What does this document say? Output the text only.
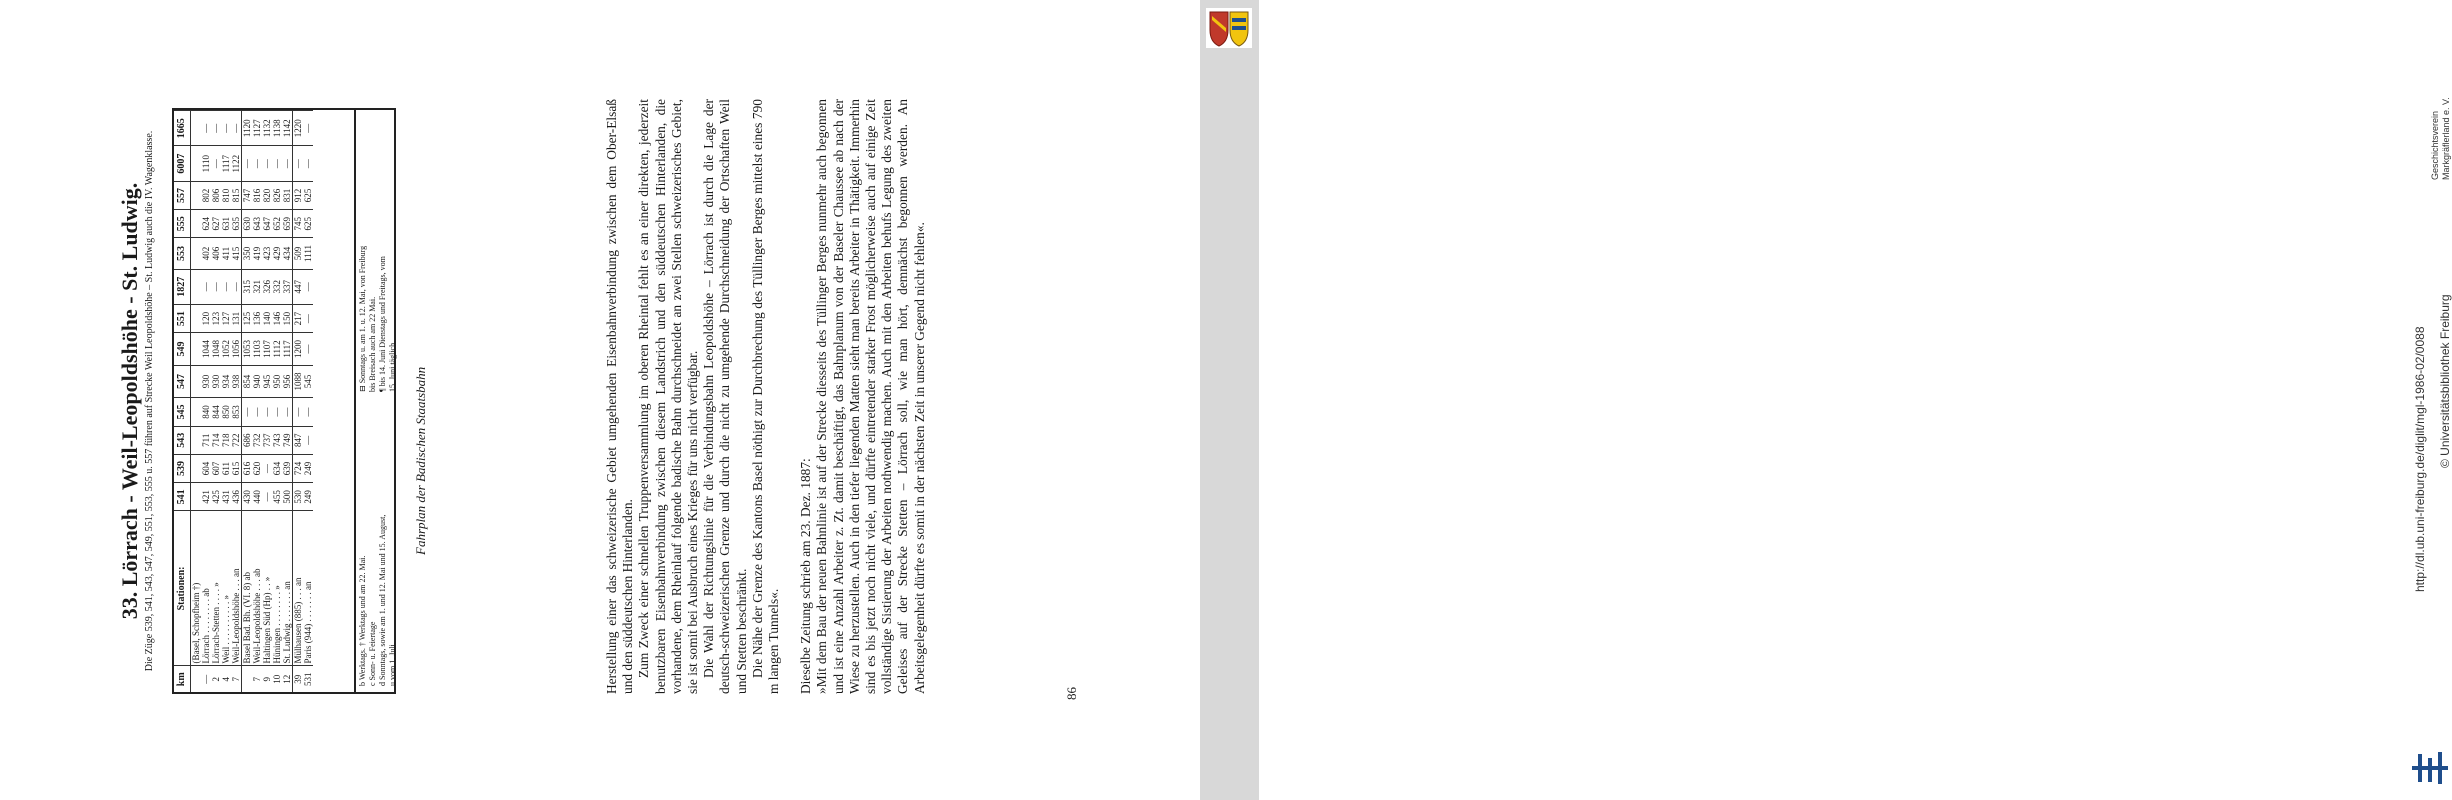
33. Lörrach - Weil-Leopoldshöhe - St. Ludwig. Die Züge 539, 541, 543, 547, 549, 551, 553, 555 u. 557 führen auf Strecke Weil Leopoldshöhe – St. Ludwig auch die IV. Wagenklasse.
km	Stationen:	541	539	543	545	547	549	551	1827	553	555	557	6007	1665
	(Basel, Schopfheim †)													
—	Lörrach . . . . . . . . ab	421	604	711	840	930	1044	120	—	402	624	802	1110	—
2	Lörrach-Stetten . . . . »	425	607	714	844	930	1048	123	—	406	627	806	—	—
4	Weil . . . . . . . . . . »	431	611	718	850	934	1052	127	—	411	631	810	1117	—
7	Weil-Leopoldshöhe . . . an	436	615	722	853	938	1056	131	—	415	635	815	1122	—
	Basel Bad. Bh. (VI. 8) ab	430	616	686	—	854	1053	125	315	350	630	747	—	1120
7	Weil-Leopoldshöhe . . . ab	440	620	732	—	940	1103	136	321	419	643	816	—	1127
9	Haltingen Süd (Hp) . . »	—	—	737	—	945	1107	140	326	423	647	820	—	1132
10	Hüningen . . . . . . . . »	455	634	743	—	950	1112	146	332	429	652	826	—	1138
12	St. Ludwig . . . . . . . an	500	639	749	—	956	1117	150	337	434	659	831	—	1142
39	Mülhausen (885) . . . an	530	724	847	—	1088	1200	217	447	509	745	912	—	1220
531	Paris (944) . . . . . . . an	249	249	—	—	545	—	—	—	1111	625	625	—	—
b Werktags. † Werktags und am 22. Mai. c Sonn- u. Feiertage d Sonntags, sowie am 1. und 12. Mai und 15. August, u vom 1. Juli.
⊟ Sonntags u. am 1. u. 12. Mai, von Freiburg bis Breisach auch am 22 Mai. ¶ bis 14. Juni Dienstags und Freitags, vom 15. Juni täglich.
Fahrplan der Badischen Staatsbahn	Herstellung einer das schweizerische Gebiet umgehenden Eisenbahnverbindung zwischen dem Ober-Elsaß und den süddeutschen Hinterlanden. Zum Zweck einer schnellen Truppenversammlung im oberen Rheintal fehlt es an einer direkten, jederzeit benutzbaren Eisenbahnverbindung zwischen diesem Landstrich und den süddeutschen Hinterlanden, die vorhandene, dem Rheinlauf folgende badische Bahn durchschneidet an zwei Stellen schweizerisches Gebiet, sie ist somit bei Ausbruch eines Krieges für uns nicht verfügbar. Die Wahl der Richtungslinie für die Verbindungsbahn Leopoldshöhe – Lörrach ist durch die Lage der deutsch-schweizerischen Grenze und durch die nicht zu umgehende Durchschneidung der Ortschaften Weil und Stetten beschränkt. Die Nähe der Grenze des Kantons Basel nöthigt zur Durchbrechung des Tüllinger Berges mittelst eines 790 m langen Tunnels«. Dieselbe Zeitung schrieb am 23. Dez. 1887: »Mit dem Bau der neuen Bahnlinie ist auf der Strecke diesseits des Tüllinger Berges nunmehr auch begonnen und ist eine Anzahl Arbeiter z. Zt. damit beschäftigt, das Bahnplanum von der Baseler Chaussee ab nach der Wiese zu herzustellen. Auch in den tiefer liegenden Matten sieht man bereits Arbeiter in Thätigkeit. Immerhin sind es bis jetzt noch nicht viele, und dürfte eintretender starker Frost möglicherweise auch auf einige Zeit vollständige Sistierung der Arbeiten nothwendig machen. Auch mit den Arbeiten behufs Legung des zweiten Geleises auf der Strecke Stetten – Lörrach soll, wie man hört, demnächst begonnen werden. An Arbeitsgelegenheit dürfte es somit in der nächsten Zeit in unserer Gegend nicht fehlen«.	86
Geschichtsverein Markgräflerland e. V.
http://dl.ub.uni-freiburg.de/diglit/mgl-1986-02/0088 © Universitätsbibliothek Freiburg
